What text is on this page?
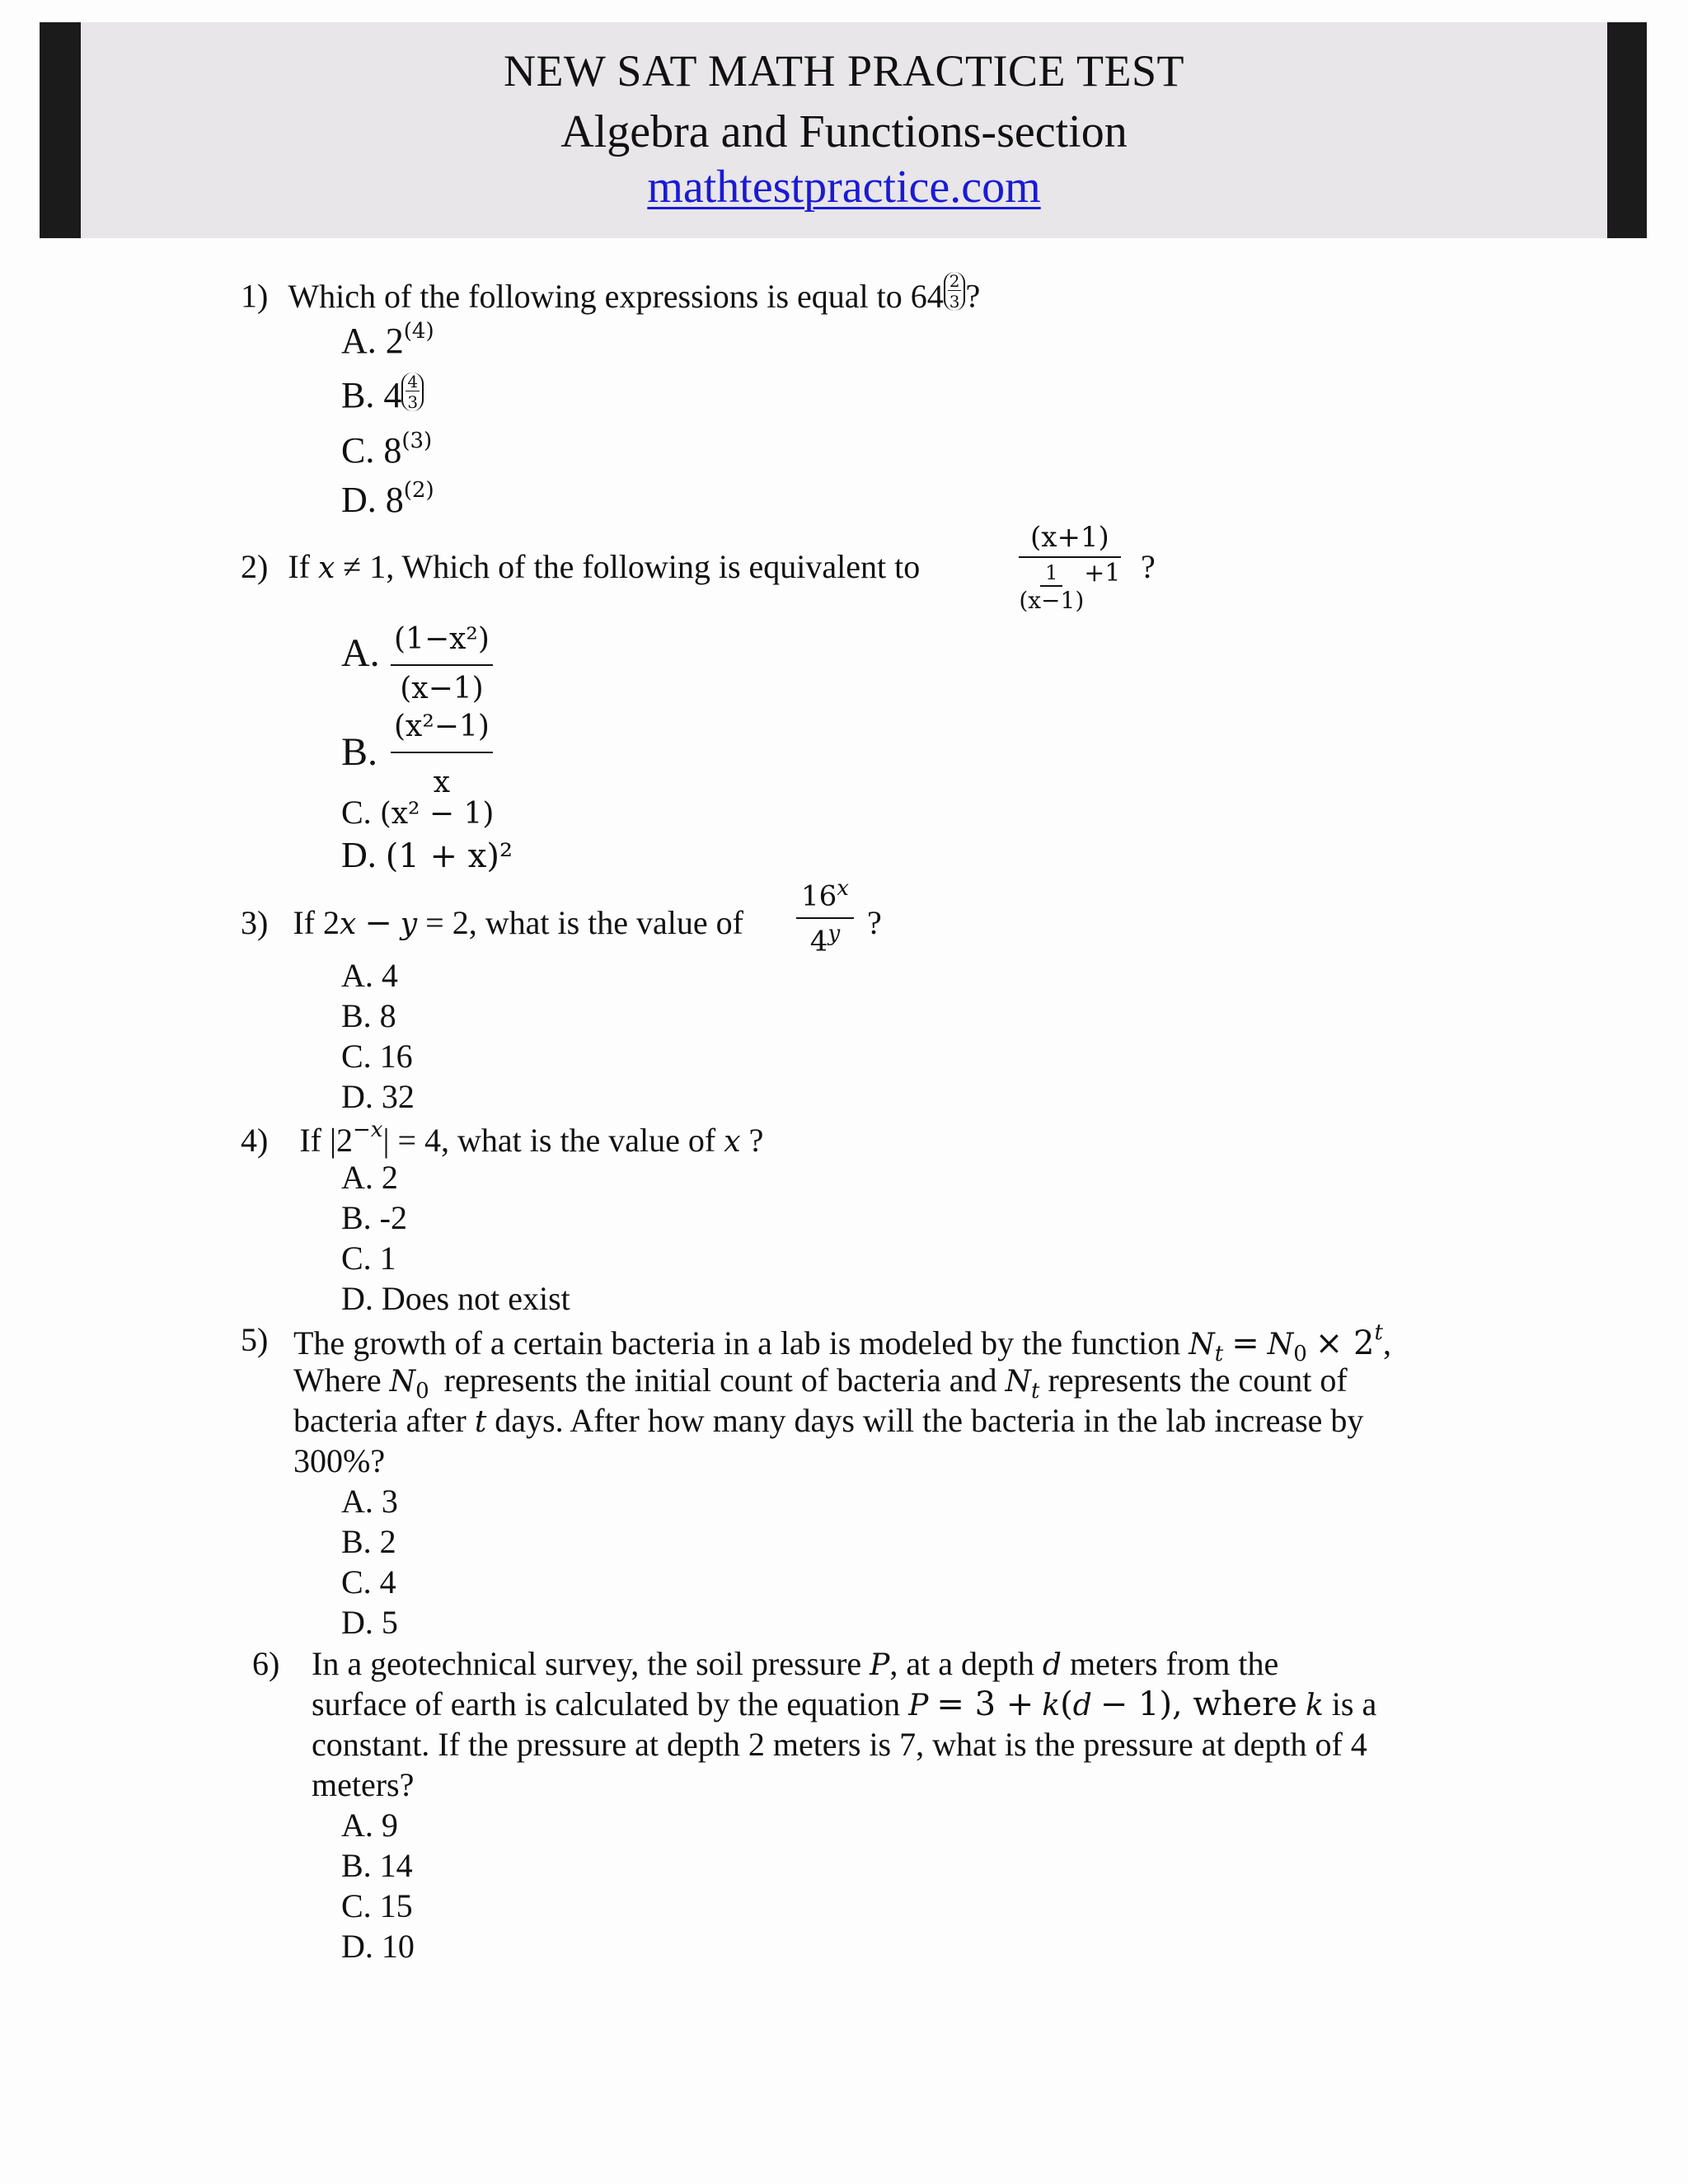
NEW SAT MATH PRACTICE TEST
Algebra and Functions-section
mathtestpractice.com
1) Which of the following expressions is equal to $64 \frac{2}{3}$ ?
A. 2$^{(4)}$
B. $4 \frac{4}{3}$
C. 8$^{(3)}$
D. 8$^{(2)}$
2) If x ≠ 1, Which of the following is equivalent to	$\frac{(x+1)}{\frac{1}{(x-1)} +1}$ ?
A. $\frac{\text{(1−x²)}}{(x-1)}$
B. $\frac{\text{(x²−1)}}{x}$
C. (x² − 1)
D. (1 + x)²
3) If 2x − y = 2, what is the value of $\frac{16^x}{4^y}$ ?
A. 4
B. 8
C. 16
D. 32
4) If $|2^{-x}| = 4$, what is the value of x ?
A. 2
B. -2
C. 1
D. Does not exist
5) The growth of a certain bacteria in a lab is modeled by the function $N_t = N_0 \times 2^t$,
Where $N_0$ represents the initial count of bacteria and $N_t$ represents the count of
bacteria after t days. After how many days will the bacteria in the lab increase by
300%?
A. 3
B. 2
C. 4
D. 5
6) In a geotechnical survey, the soil pressure P, at a depth d meters from the
surface of earth is calculated by the equation P = 3 + k(d − 1), where k is a
constant. If the pressure at depth 2 meters is 7, what is the pressure at depth of 4
meters?
A. 9
B. 14
C. 15
D. 10
